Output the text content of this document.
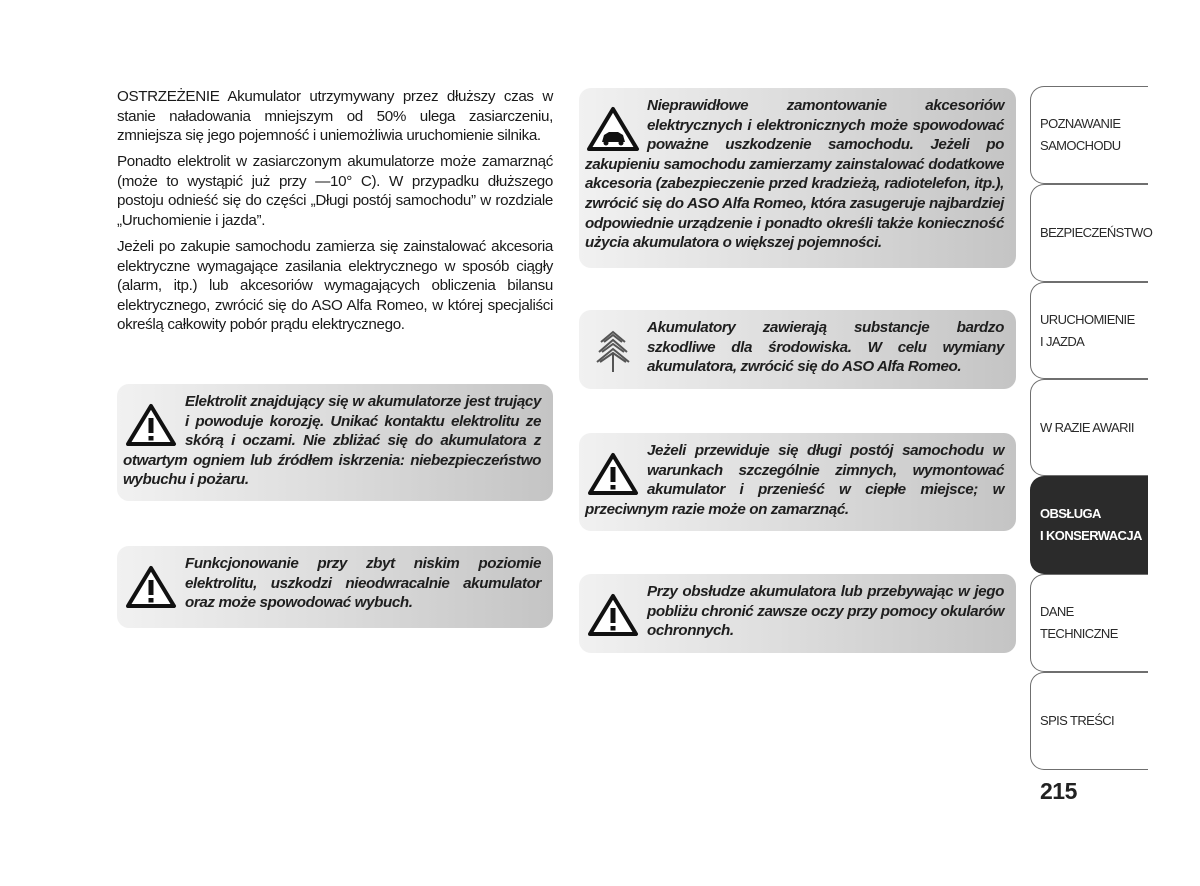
OSTRZEŻENIE Akumulator utrzymywany przez dłuższy czas w stanie naładowania mniejszym od 50% ulega zasiarczeniu, zmniejsza się jego pojemność i uniemożliwia uruchomienie silnika.

Ponadto elektrolit w zasiarczonym akumulatorze może zamarznąć (może to wystąpić już przy —10° C). W przypadku dłuższego postoju odnieść się do części „Długi postój samochodu” w rozdziale „Uruchomienie i jazda”.

Jeżeli po zakupie samochodu zamierza się zainstalować akcesoria elektryczne wymagające zasilania elektrycznego w sposób ciągły (alarm, itp.) lub akcesoriów wymagających obliczenia bilansu elektrycznego, zwrócić się do ASO Alfa Romeo, w której specjaliści określą całkowity pobór prądu elektrycznego.

Elektrolit znajdujący się w akumulatorze jest trujący i powoduje korozję. Unikać kontaktu elektrolitu ze skórą i oczami. Nie zbliżać się do akumulatora z otwartym ogniem lub źródłem iskrzenia: niebezpieczeństwo wybuchu i pożaru.
Funkcjonowanie przy zbyt niskim poziomie elektrolitu, uszkodzi nieodwracalnie akumulator oraz może spowodować wybuch.
Nieprawidłowe zamontowanie akcesoriów elektrycznych i elektronicznych może spowodować poważne uszkodzenie samochodu. Jeżeli po zakupieniu samochodu zamierzamy zainstalować dodatkowe akcesoria (zabezpieczenie przed kradzieżą, radiotelefon, itp.), zwrócić się do ASO Alfa Romeo, która zasugeruje najbardziej odpowiednie urządzenie i ponadto określi także konieczność użycia akumulatora o większej pojemności.
Akumulatory zawierają substancje bardzo szkodliwe dla środowiska. W celu wymiany akumulatora, zwrócić się do ASO Alfa Romeo.
Jeżeli przewiduje się długi postój samochodu w warunkach szczególnie zimnych, wymontować akumulator i przenieść w ciepłe miejsce; w przeciwnym razie może on zamarznąć.
Przy obsłudze akumulatora lub przebywając w jego pobliżu chronić zawsze oczy przy pomocy okularów ochronnych.
POZNAWANIE
SAMOCHODU
BEZPIECZEŃSTWO
URUCHOMIENIE
I JAZDA
W RAZIE AWARII
OBSŁUGA
I KONSERWACJA
DANE
TECHNICZNE
SPIS TREŚCI
215
